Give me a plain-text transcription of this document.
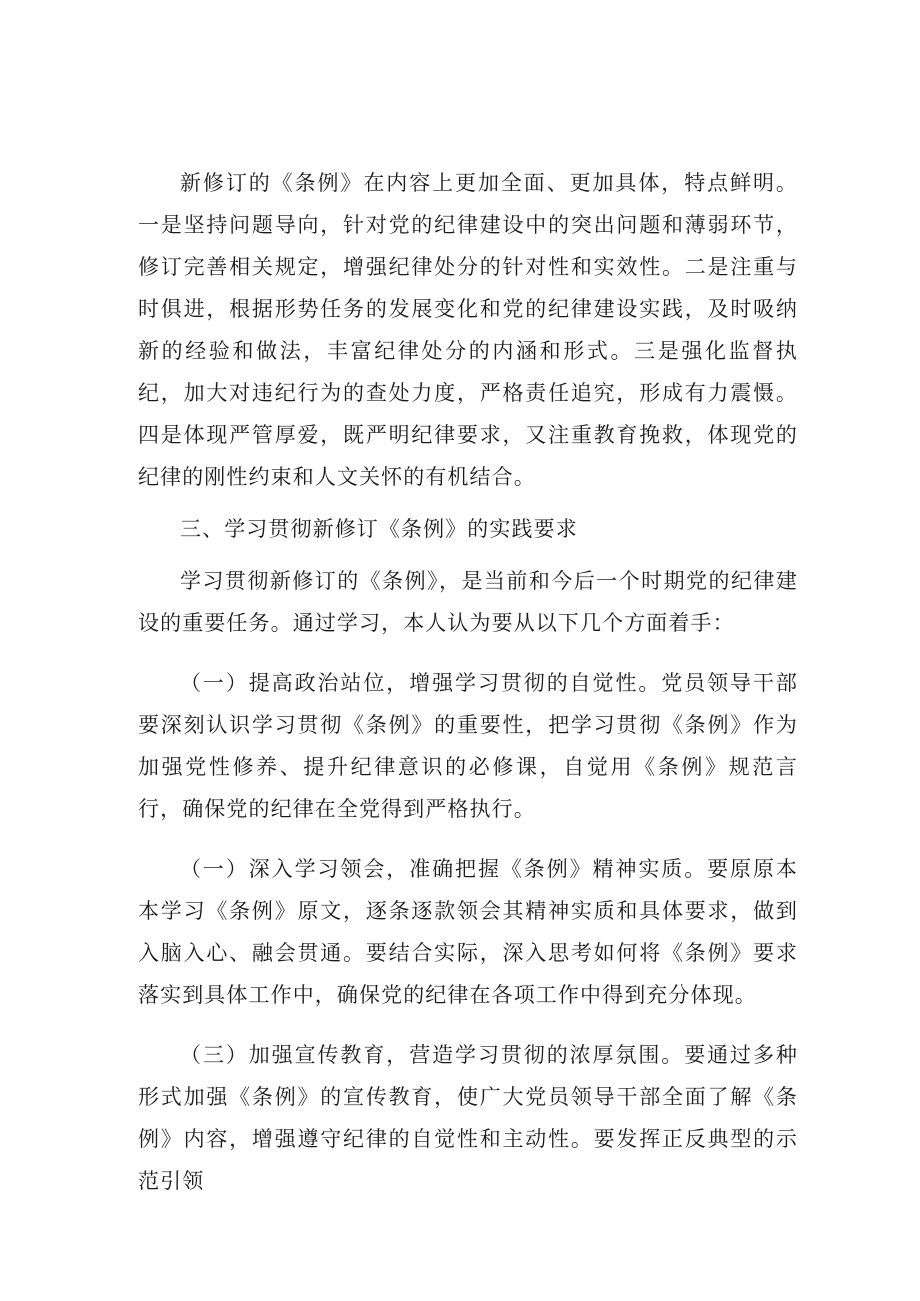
新修订的《条例》在内容上更加全面、更加具体，特点鲜明。一是坚持问题导向，针对党的纪律建设中的突出问题和薄弱环节，修订完善相关规定，增强纪律处分的针对性和实效性。二是注重与时俱进，根据形势任务的发展变化和党的纪律建设实践，及时吸纳新的经验和做法，丰富纪律处分的内涵和形式。三是强化监督执纪，加大对违纪行为的查处力度，严格责任追究，形成有力震慑。四是体现严管厚爱，既严明纪律要求，又注重教育挽救，体现党的纪律的刚性约束和人文关怀的有机结合。

三、学习贯彻新修订《条例》的实践要求

学习贯彻新修订的《条例》，是当前和今后一个时期党的纪律建设的重要任务。通过学习，本人认为要从以下几个方面着手：

（一）提高政治站位，增强学习贯彻的自觉性。党员领导干部要深刻认识学习贯彻《条例》的重要性，把学习贯彻《条例》作为加强党性修养、提升纪律意识的必修课，自觉用《条例》规范言行，确保党的纪律在全党得到严格执行。

（一）深入学习领会，准确把握《条例》精神实质。要原原本本学习《条例》原文，逐条逐款领会其精神实质和具体要求，做到入脑入心、融会贯通。要结合实际，深入思考如何将《条例》要求落实到具体工作中，确保党的纪律在各项工作中得到充分体现。

（三）加强宣传教育，营造学习贯彻的浓厚氛围。要通过多种形式加强《条例》的宣传教育，使广大党员领导干部全面了解《条例》内容，增强遵守纪律的自觉性和主动性。要发挥正反典型的示范引领
